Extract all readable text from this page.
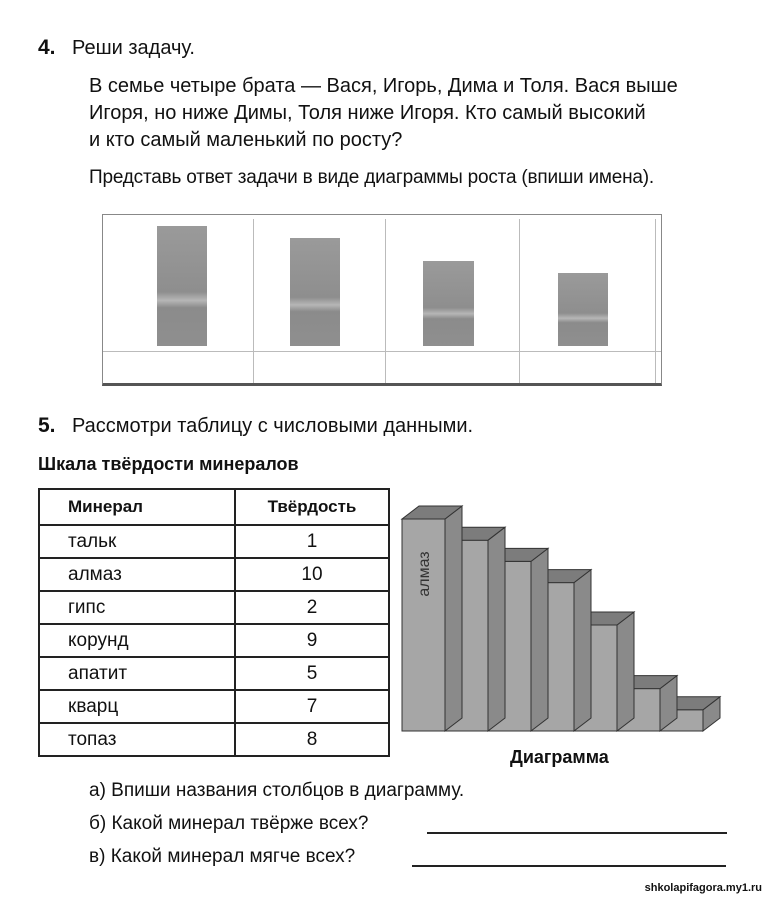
4. Реши задачу.
В семье четыре брата — Вася, Игорь, Дима и Толя. Вася выше
Игоря, но ниже Димы, Толя ниже Игоря. Кто самый высокий
и кто самый маленький по росту?
Представь ответ задачи в виде диаграммы роста (впиши имена).
5. Рассмотри таблицу с числовыми данными.
Шкала твёрдости минералов
Минерал	Твёрдость
тальк	1
алмаз	10
гипс	2
корунд	9
апатит	5
кварц	7
топаз	8
алмаз
Диаграмма
а) Впиши названия столбцов в диаграмму.
б) Какой минерал твёрже всех?
в) Какой минерал мягче всех?
shkolapifagora.my1.ru
